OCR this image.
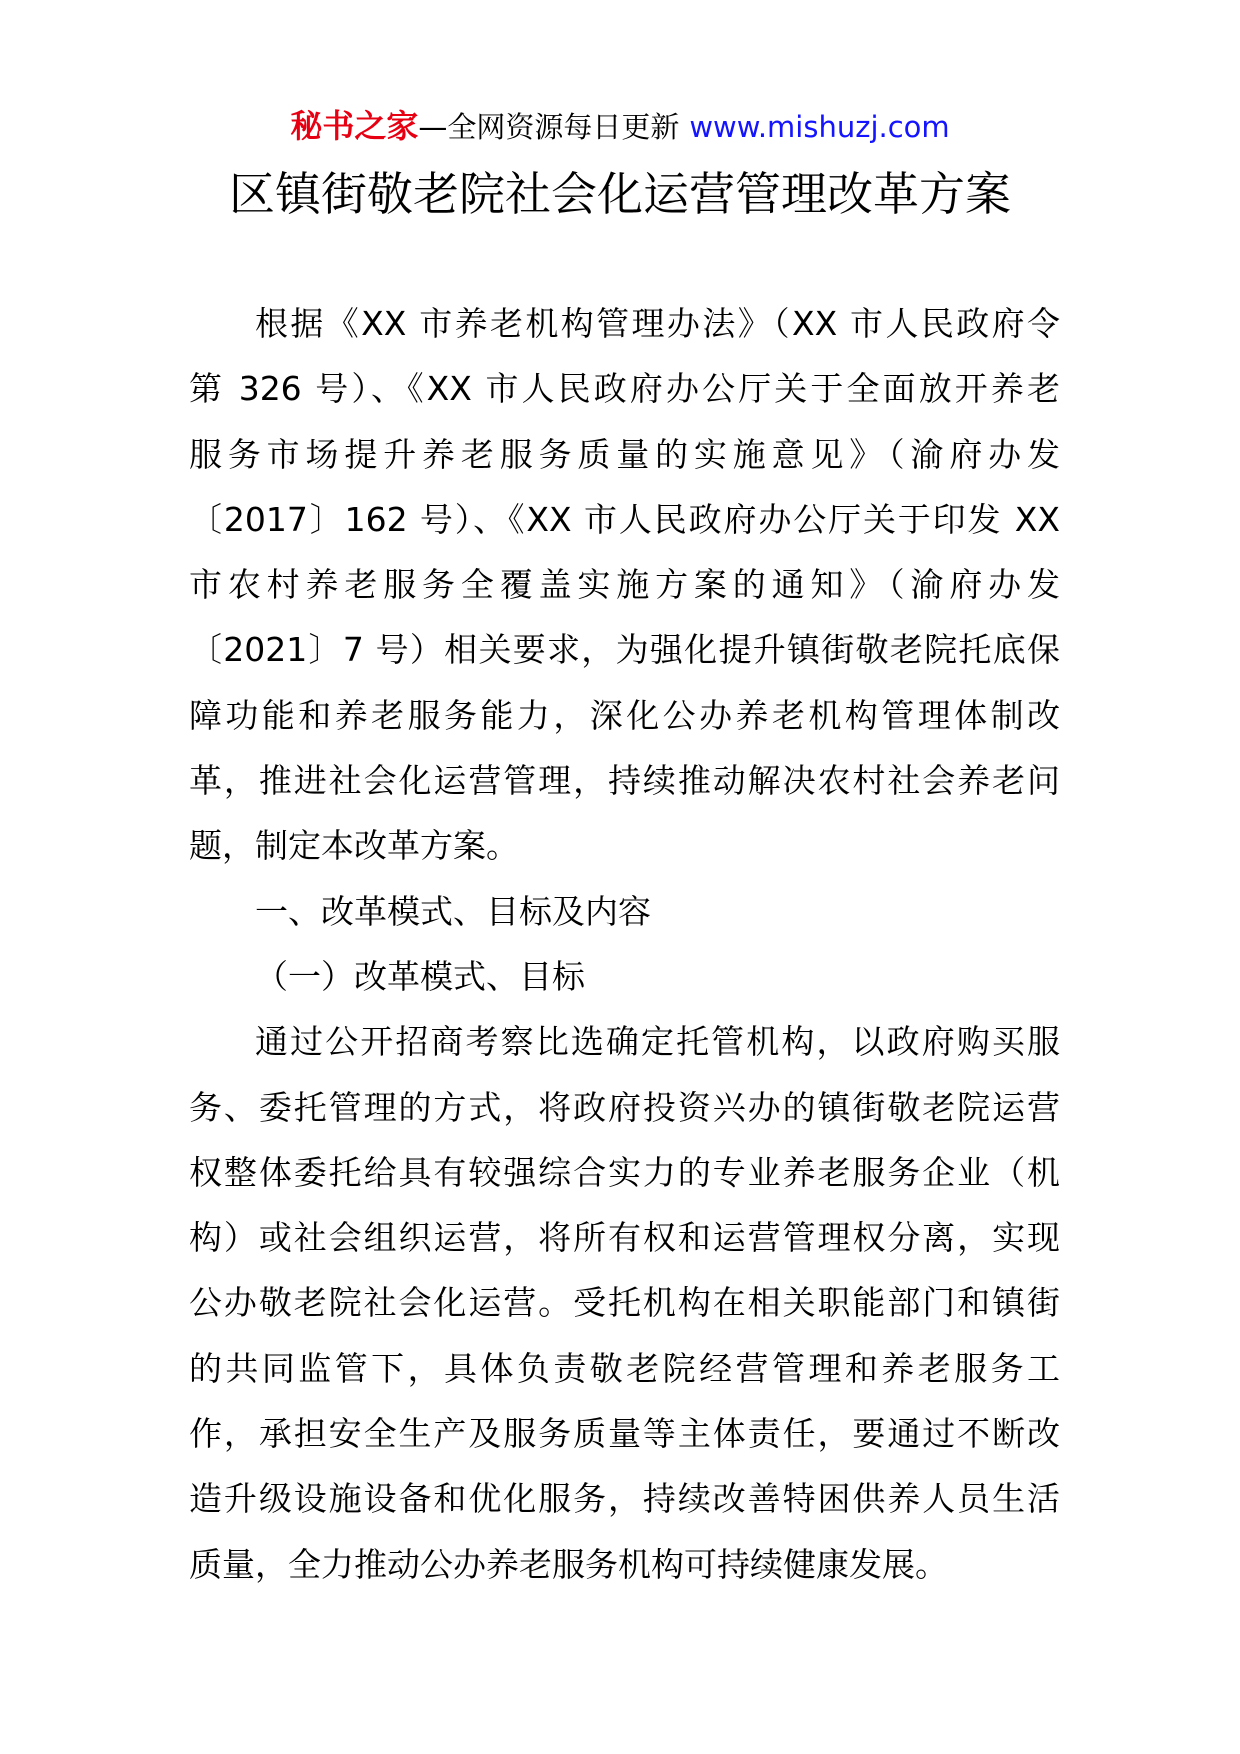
秘书之家—全网资源每日更新 www.mishuzj.com
区镇街敬老院社会化运营管理改革方案
根据《XX 市养老机构管理办法》（XX 市人民政府令
第 326 号）、《XX 市人民政府办公厅关于全面放开养老
服务市场提升养老服务质量的实施意见》（渝府办发
〔2017〕162 号）、《XX 市人民政府办公厅关于印发 XX
市农村养老服务全覆盖实施方案的通知》（渝府办发
〔2021〕7 号）相关要求，为强化提升镇街敬老院托底保
障功能和养老服务能力，深化公办养老机构管理体制改
革，推进社会化运营管理，持续推动解决农村社会养老问
题，制定本改革方案。
一、改革模式、目标及内容
（一）改革模式、目标
通过公开招商考察比选确定托管机构，以政府购买服
务、委托管理的方式，将政府投资兴办的镇街敬老院运营
权整体委托给具有较强综合实力的专业养老服务企业（机
构）或社会组织运营，将所有权和运营管理权分离，实现
公办敬老院社会化运营。受托机构在相关职能部门和镇街
的共同监管下，具体负责敬老院经营管理和养老服务工
作，承担安全生产及服务质量等主体责任，要通过不断改
造升级设施设备和优化服务，持续改善特困供养人员生活
质量，全力推动公办养老服务机构可持续健康发展。
